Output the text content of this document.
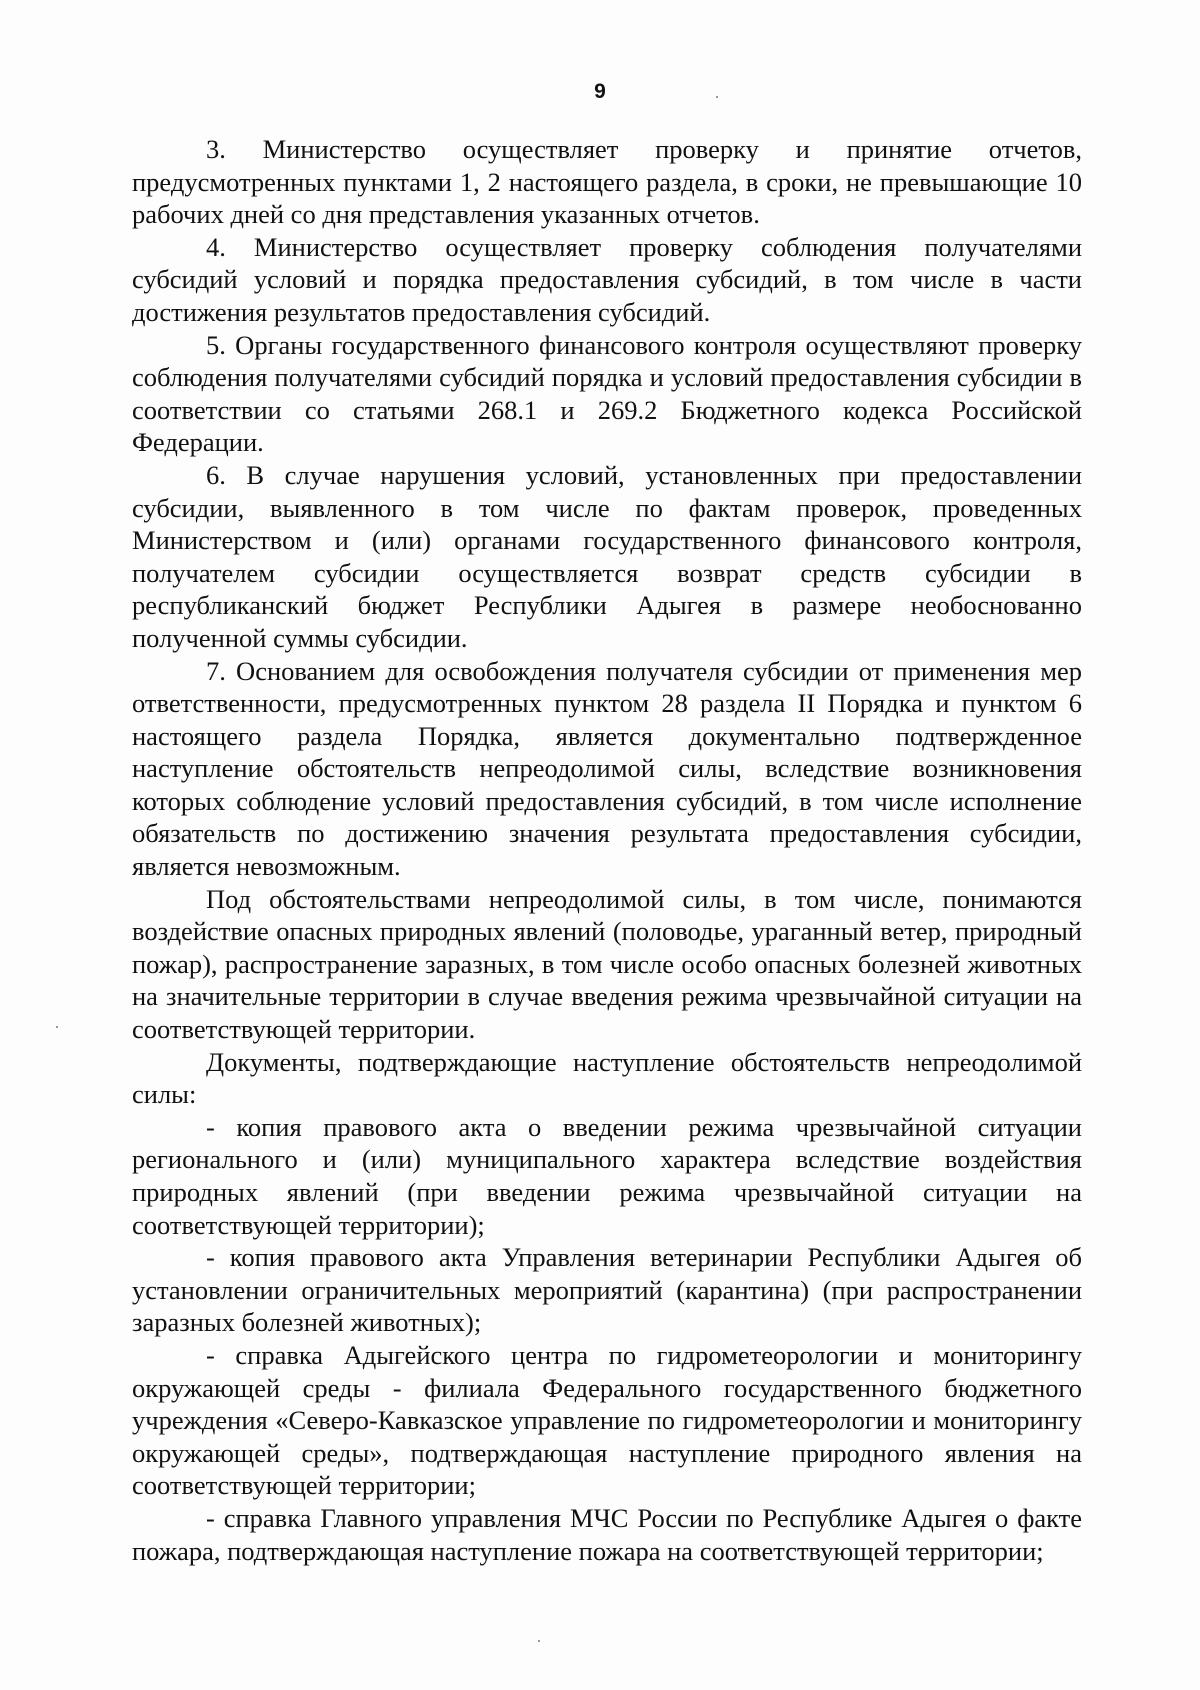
9

3. Министерство осуществляет проверку и принятие отчетов, предусмотренных пунктами 1, 2 настоящего раздела, в сроки, не превышающие 10 рабочих дней со дня представления указанных отчетов.

4. Министерство осуществляет проверку соблюдения получателями субсидий условий и порядка предоставления субсидий, в том числе в части достижения результатов предоставления субсидий.

5. Органы государственного финансового контроля осуществляют проверку соблюдения получателями субсидий порядка и условий предоставления субсидии в соответствии со статьями 268.1 и 269.2 Бюджетного кодекса Российской Федерации.

6. В случае нарушения условий, установленных при предоставлении субсидии, выявленного в том числе по фактам проверок, проведенных Министерством и (или) органами государственного финансового контроля, получателем субсидии осуществляется возврат средств субсидии в республиканский бюджет Республики Адыгея в размере необоснованно полученной суммы субсидии.

7. Основанием для освобождения получателя субсидии от применения мер ответственности, предусмотренных пунктом 28 раздела II Порядка и пунктом 6 настоящего раздела Порядка, является документально подтвержденное наступление обстоятельств непреодолимой силы, вследствие возникновения которых соблюдение условий предоставления субсидий, в том числе исполнение обязательств по достижению значения результата предоставления субсидии, является невозможным.

Под обстоятельствами непреодолимой силы, в том числе, понимаются воздействие опасных природных явлений (половодье, ураганный ветер, природный пожар), распространение заразных, в том числе особо опасных болезней животных на значительные территории в случае введения режима чрезвычайной ситуации на соответствующей территории.

Документы, подтверждающие наступление обстоятельств непреодолимой силы:

- копия правового акта о введении режима чрезвычайной ситуации регионального и (или) муниципального характера вследствие воздействия природных явлений (при введении режима чрезвычайной ситуации на соответствующей территории);

- копия правового акта Управления ветеринарии Республики Адыгея об установлении ограничительных мероприятий (карантина) (при распространении заразных болезней животных);

- справка Адыгейского центра по гидрометеорологии и мониторингу окружающей среды - филиала Федерального государственного бюджетного учреждения «Северо-Кавказское управление по гидрометеорологии и мониторингу окружающей среды», подтверждающая наступление природного явления на соответствующей территории;

- справка Главного управления МЧС России по Республике Адыгея о факте пожара, подтверждающая наступление пожара на соответствующей территории;
